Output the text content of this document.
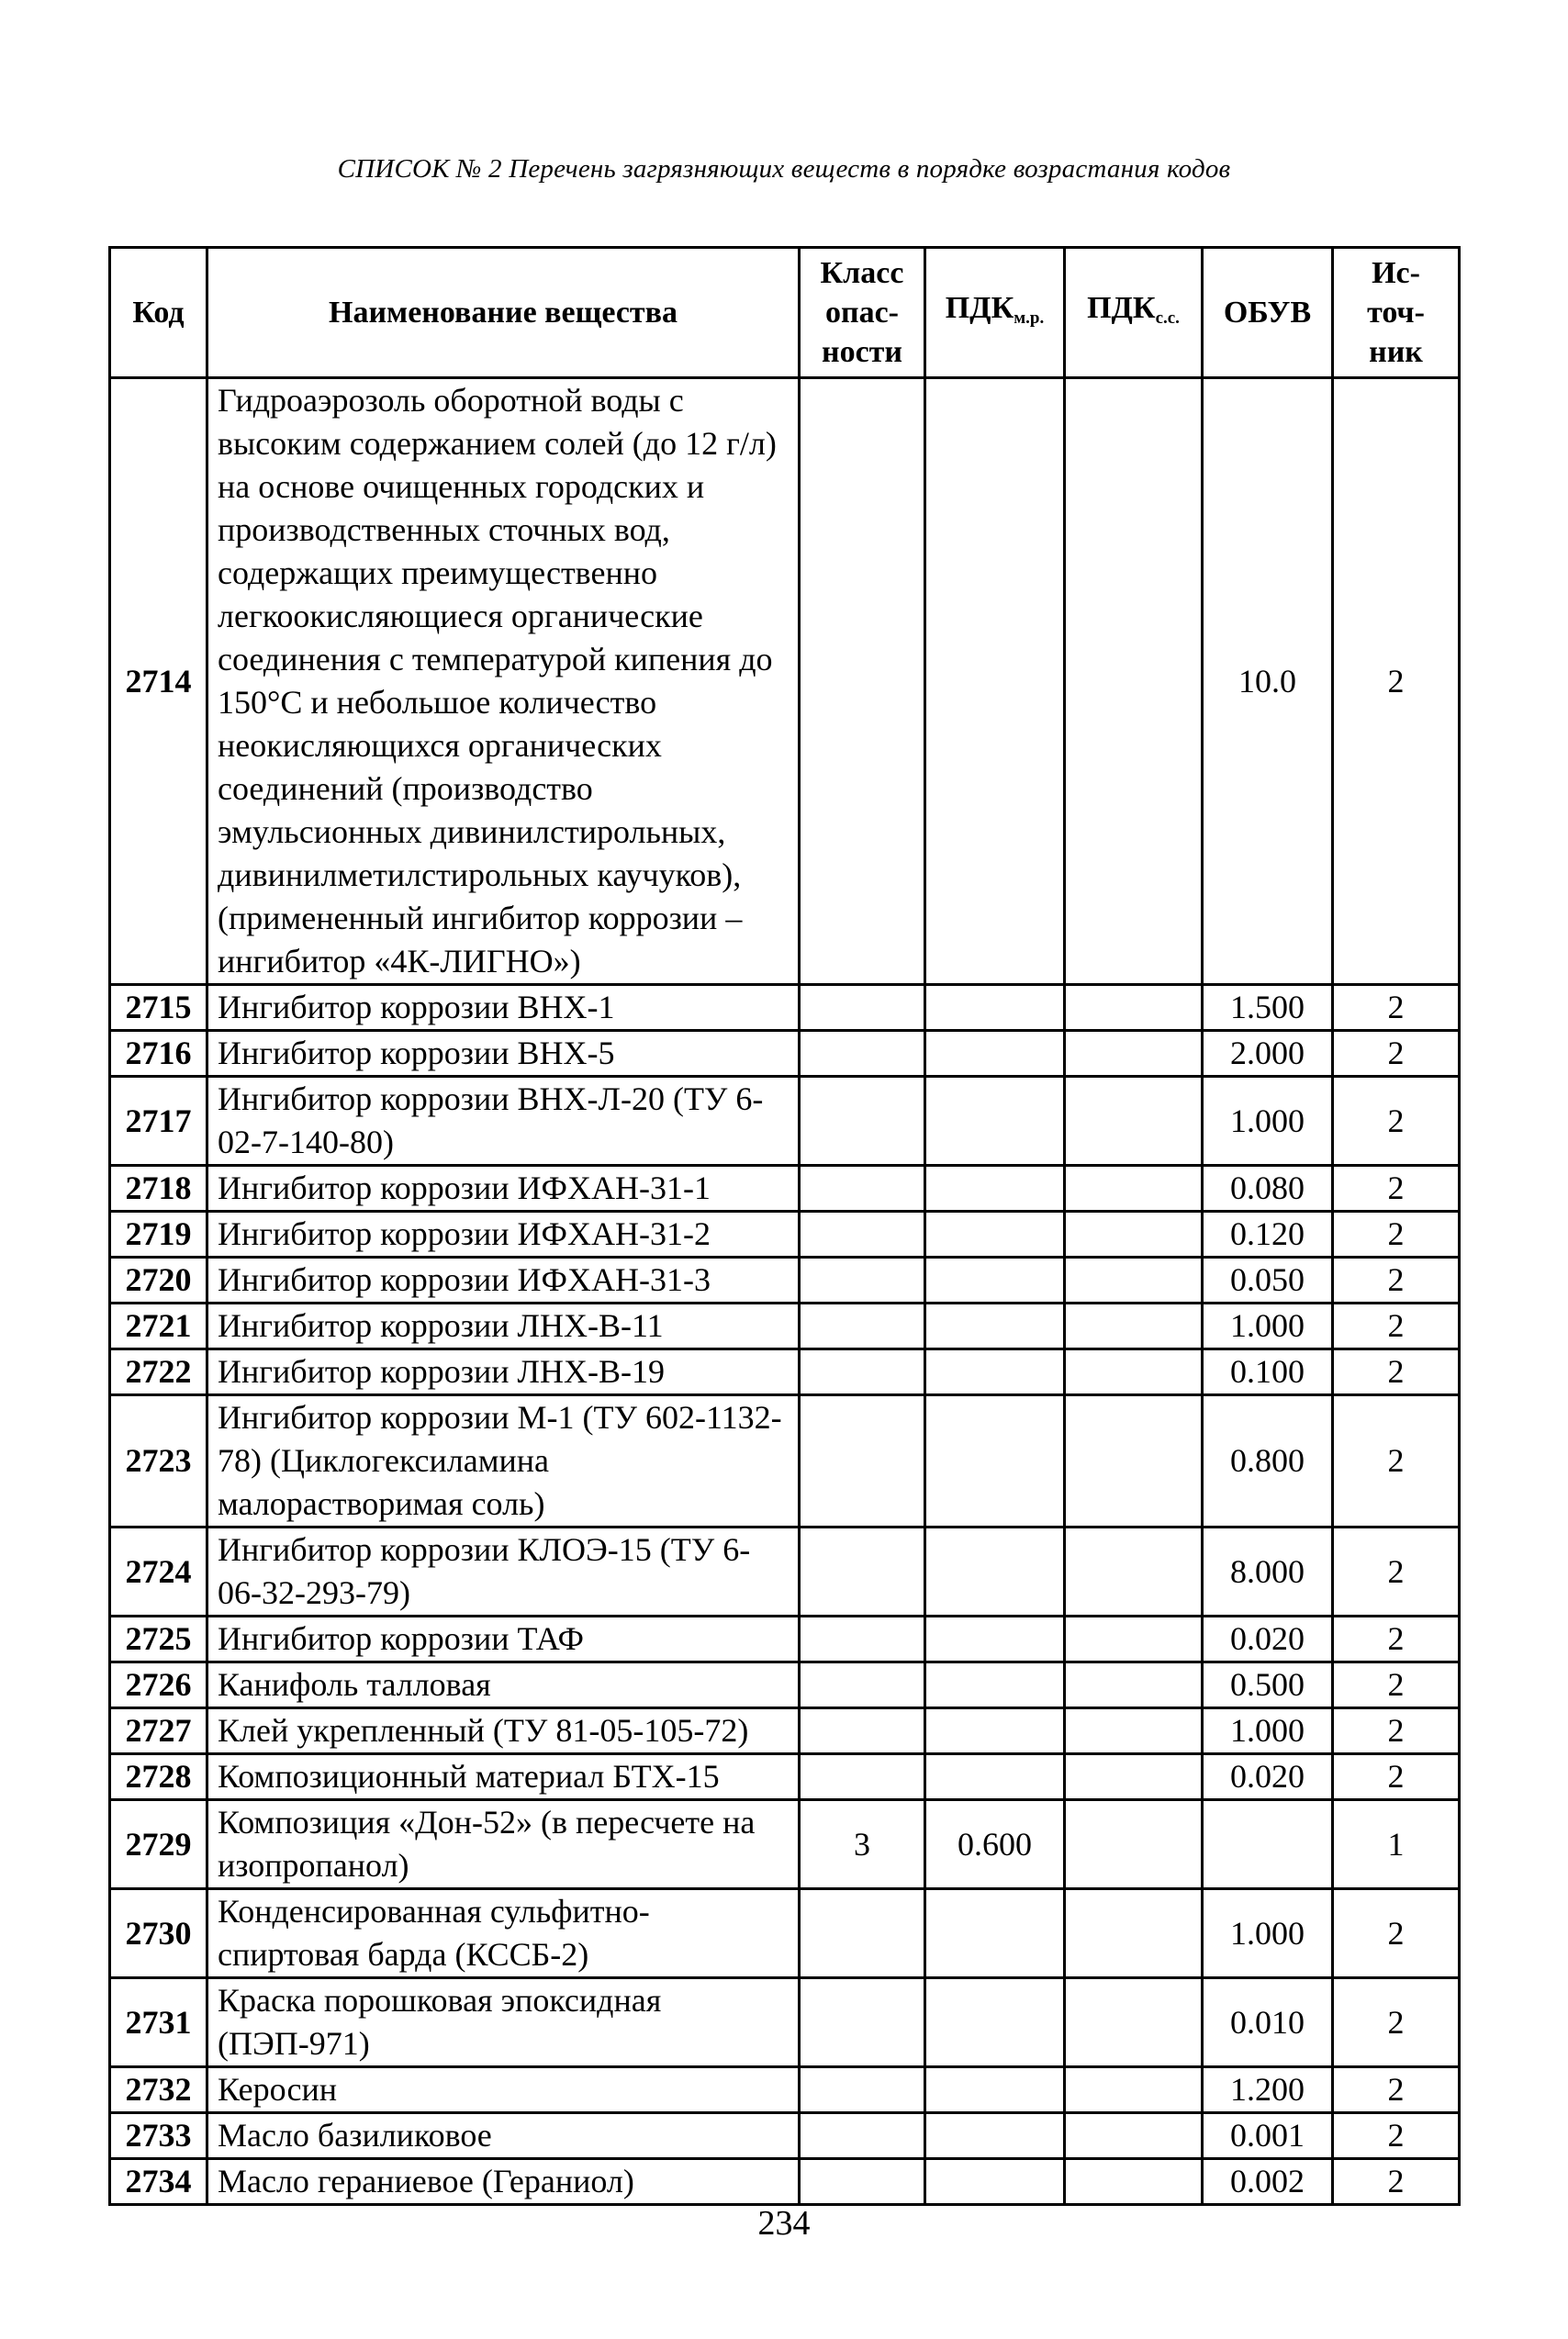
СПИСОК № 2 Перечень загрязняющих веществ в порядке возрастания кодов
Код	Наименование вещества	Класс опас- ности	$ПДК_{м.р.}$	$ПДК_{с.с.}$	ОБУВ	Ис- точ- ник
2714	Гидроаэрозоль оборотной воды с высоким содержанием солей (до 12 г/л) на основе очищенных городских и производственных сточных вод, содержащих преимущественно легкоокисляющиеся органические соединения с температурой кипения до 150°С и небольшое количество неокисляющихся органических соединений (производство эмульсионных дивинилстирольных, дивинилметилстирольных каучуков), (примененный ингибитор коррозии – ингибитор «4К-ЛИГНО»)				10.0	2
2715	Ингибитор коррозии ВНХ-1				1.500	2
2716	Ингибитор коррозии ВНХ-5				2.000	2
2717	Ингибитор коррозии ВНХ-Л-20 (ТУ 6-02-7-140-80)				1.000	2
2718	Ингибитор коррозии ИФХАН-31-1				0.080	2
2719	Ингибитор коррозии ИФХАН-31-2				0.120	2
2720	Ингибитор коррозии ИФХАН-31-3				0.050	2
2721	Ингибитор коррозии ЛНХ-В-11				1.000	2
2722	Ингибитор коррозии ЛНХ-В-19				0.100	2
2723	Ингибитор коррозии М-1 (ТУ 602-1132-78) (Циклогексиламина малорастворимая соль)				0.800	2
2724	Ингибитор коррозии КЛОЭ-15 (ТУ 6-06-32-293-79)				8.000	2
2725	Ингибитор коррозии ТАФ				0.020	2
2726	Канифоль талловая				0.500	2
2727	Клей укрепленный (ТУ 81-05-105-72)				1.000	2
2728	Композиционный материал БТХ-15				0.020	2
2729	Композиция «Дон-52» (в пересчете на изопропанол)	3	0.600			1
2730	Конденсированная сульфитно-спиртовая барда (КССБ-2)				1.000	2
2731	Краска порошковая эпоксидная (ПЭП-971)				0.010	2
2732	Керосин				1.200	2
2733	Масло базиликовое				0.001	2
2734	Масло гераниевое (Гераниол)				0.002	2
234
